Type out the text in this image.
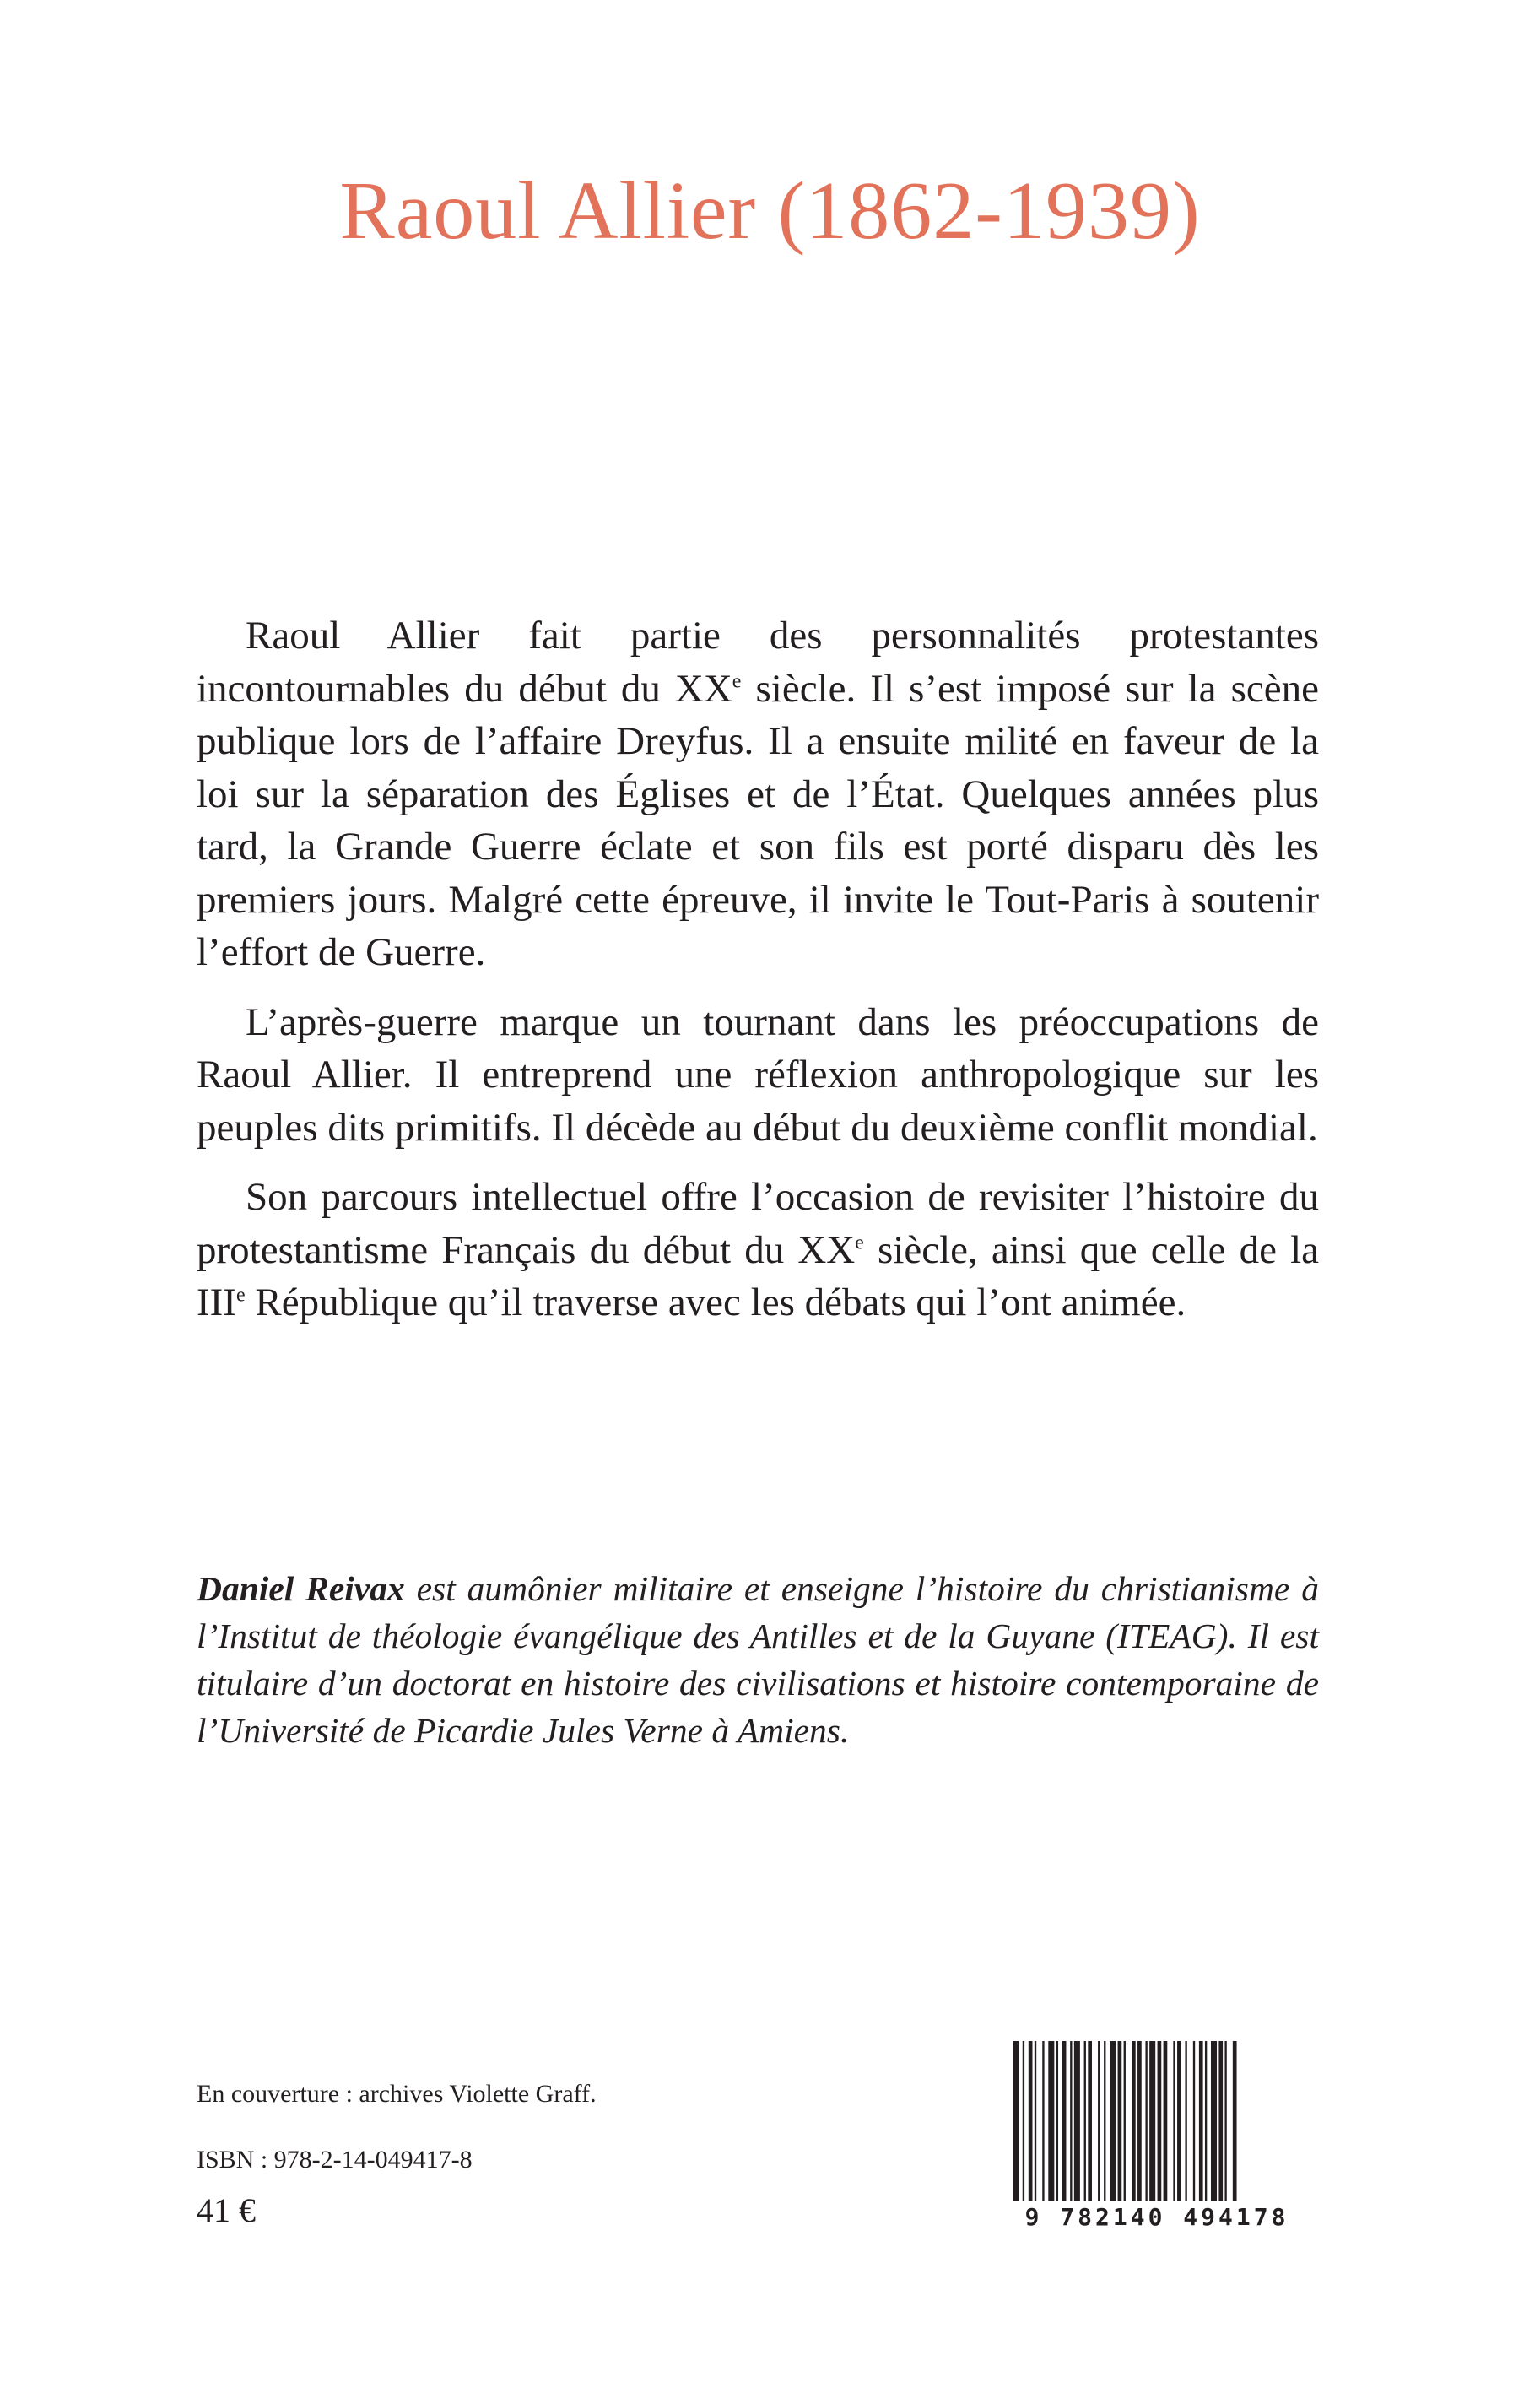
Raoul Allier (1862-1939)

Raoul Allier fait partie des personnalités protestantes incontournables du début du XXe siècle. Il s’est imposé sur la scène publique lors de l’affaire Dreyfus. Il a ensuite milité en faveur de la loi sur la séparation des Églises et de l’État. Quelques années plus tard, la Grande Guerre éclate et son fils est porté disparu dès les premiers jours. Malgré cette épreuve, il invite le Tout-Paris à soutenir l’effort de Guerre.

L’après-guerre marque un tournant dans les préoccupations de Raoul Allier. Il entreprend une réflexion anthropologique sur les peuples dits primitifs. Il décède au début du deuxième conflit mondial.

Son parcours intellectuel offre l’occasion de revisiter l’histoire du protestantisme Français du début du XXe siècle, ainsi que celle de la IIIe République qu’il traverse avec les débats qui l’ont animée.

Daniel Reivax est aumônier militaire et enseigne l’histoire du christianisme à l’Institut de théologie évangélique des Antilles et de la Guyane (ITEAG). Il est titulaire d’un doctorat en histoire des civilisations et histoire contemporaine de l’Université de Picardie Jules Verne à Amiens.

En couverture : archives Violette Graff.
ISBN : 978-2-14-049417-8
41 €	9 782140 494178
